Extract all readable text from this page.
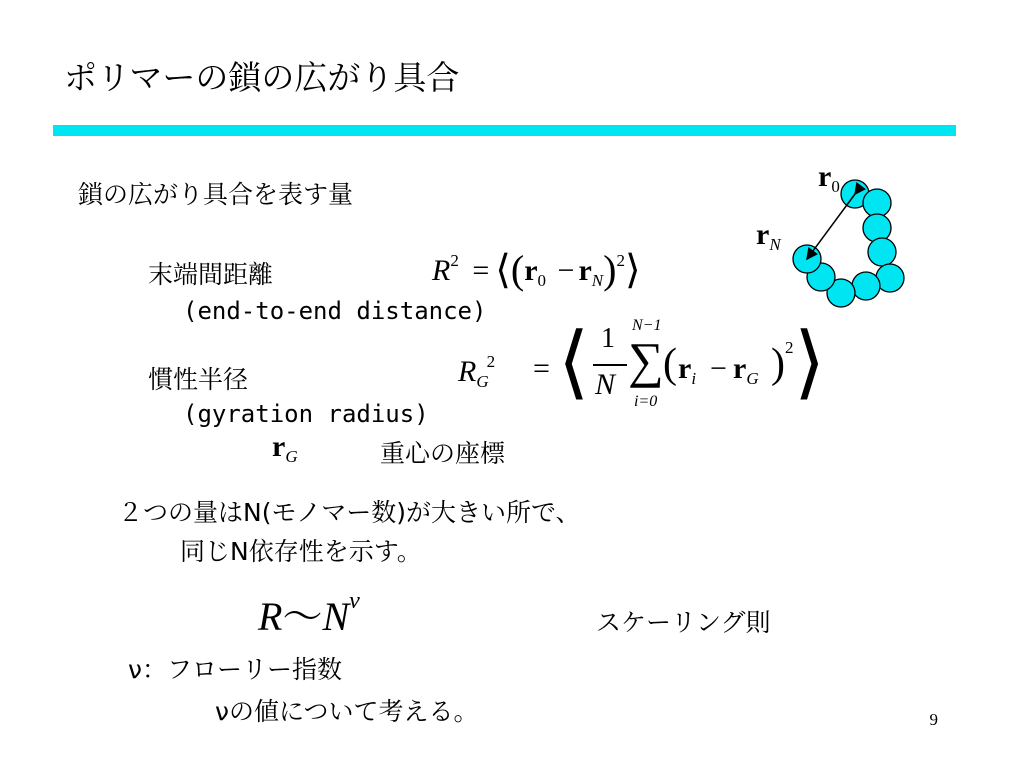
ポリマーの鎖の広がり具合
鎖の広がり具合を表す量
末端間距離
(end-to-end distance)
$R^2$ = $⟨(r_0$ − $r_N)^2⟩$
慣性半径
(gyration radius)
$R_G^2$ = ⟨ 1
N
N−1
∑
i=0
( $r_i - r_G$ ) 2 ⟩
$r_G$	重心の座標
２つの量はN(モノマー数)が大きい所で、
同じN依存性を示す。
R〜$N^\nu$
スケーリング則
ν：フローリー指数
νの値について考える。	9
$r_0$
$r_N$
